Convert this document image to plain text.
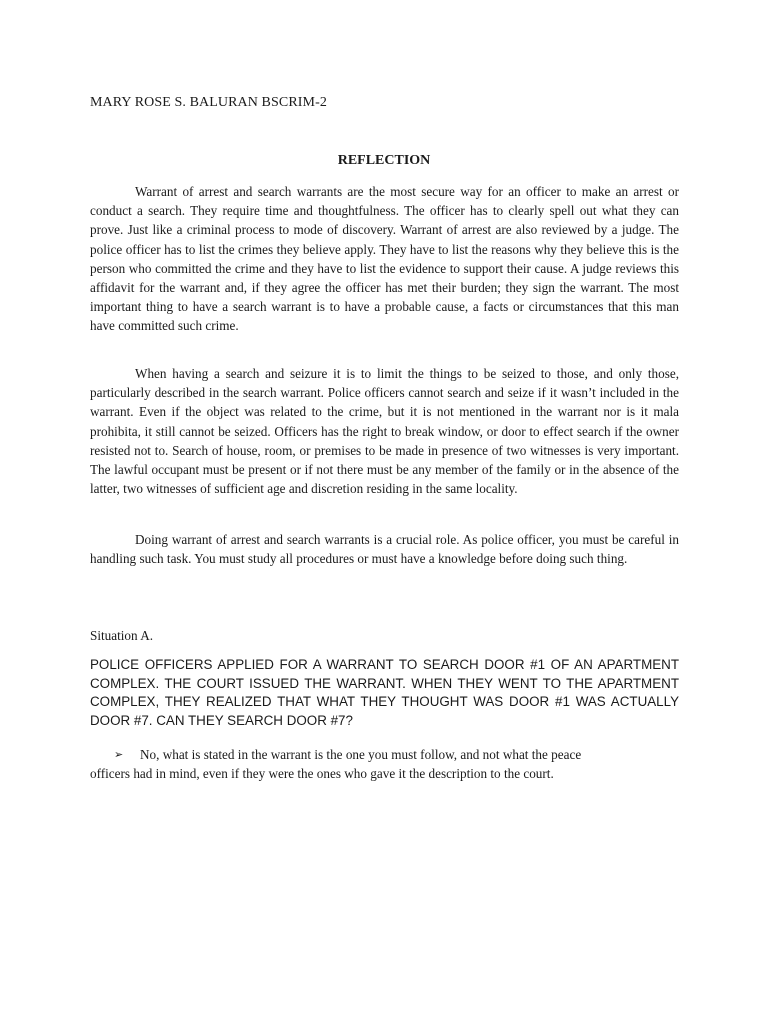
MARY ROSE S. BALURAN BSCRIM-2
REFLECTION

Warrant of arrest and search warrants are the most secure way for an officer to make an arrest or conduct a search. They require time and thoughtfulness. The officer has to clearly spell out what they can prove. Just like a criminal process to mode of discovery. Warrant of arrest are also reviewed by a judge. The police officer has to list the crimes they believe apply. They have to list the reasons why they believe this is the person who committed the crime and they have to list the evidence to support their cause. A judge reviews this affidavit for the warrant and, if they agree the officer has met their burden; they sign the warrant. The most important thing to have a search warrant is to have a probable cause, a facts or circumstances that this man have committed such crime.

When having a search and seizure it is to limit the things to be seized to those, and only those, particularly described in the search warrant. Police officers cannot search and seize if it wasn’t included in the warrant. Even if the object was related to the crime, but it is not mentioned in the warrant nor is it mala prohibita, it still cannot be seized. Officers has the right to break window, or door to effect search if the owner resisted not to. Search of house, room, or premises to be made in presence of two witnesses is very important. The lawful occupant must be present or if not there must be any member of the family or in the absence of the latter, two witnesses of sufficient age and discretion residing in the same locality.

Doing warrant of arrest and search warrants is a crucial role. As police officer, you must be careful in handling such task. You must study all procedures or must have a knowledge before doing such thing.

Situation A.

POLICE OFFICERS APPLIED FOR A WARRANT TO SEARCH DOOR #1 OF AN APARTMENT COMPLEX. THE COURT ISSUED THE WARRANT. WHEN THEY WENT TO THE APARTMENT COMPLEX, THEY REALIZED THAT WHAT THEY THOUGHT WAS DOOR #1 WAS ACTUALLY DOOR #7. CAN THEY SEARCH DOOR #7?

➢	No, what is stated in the warrant is the one you must follow, and not what the peace
officers had in mind, even if they were the ones who gave it the description to the court.
